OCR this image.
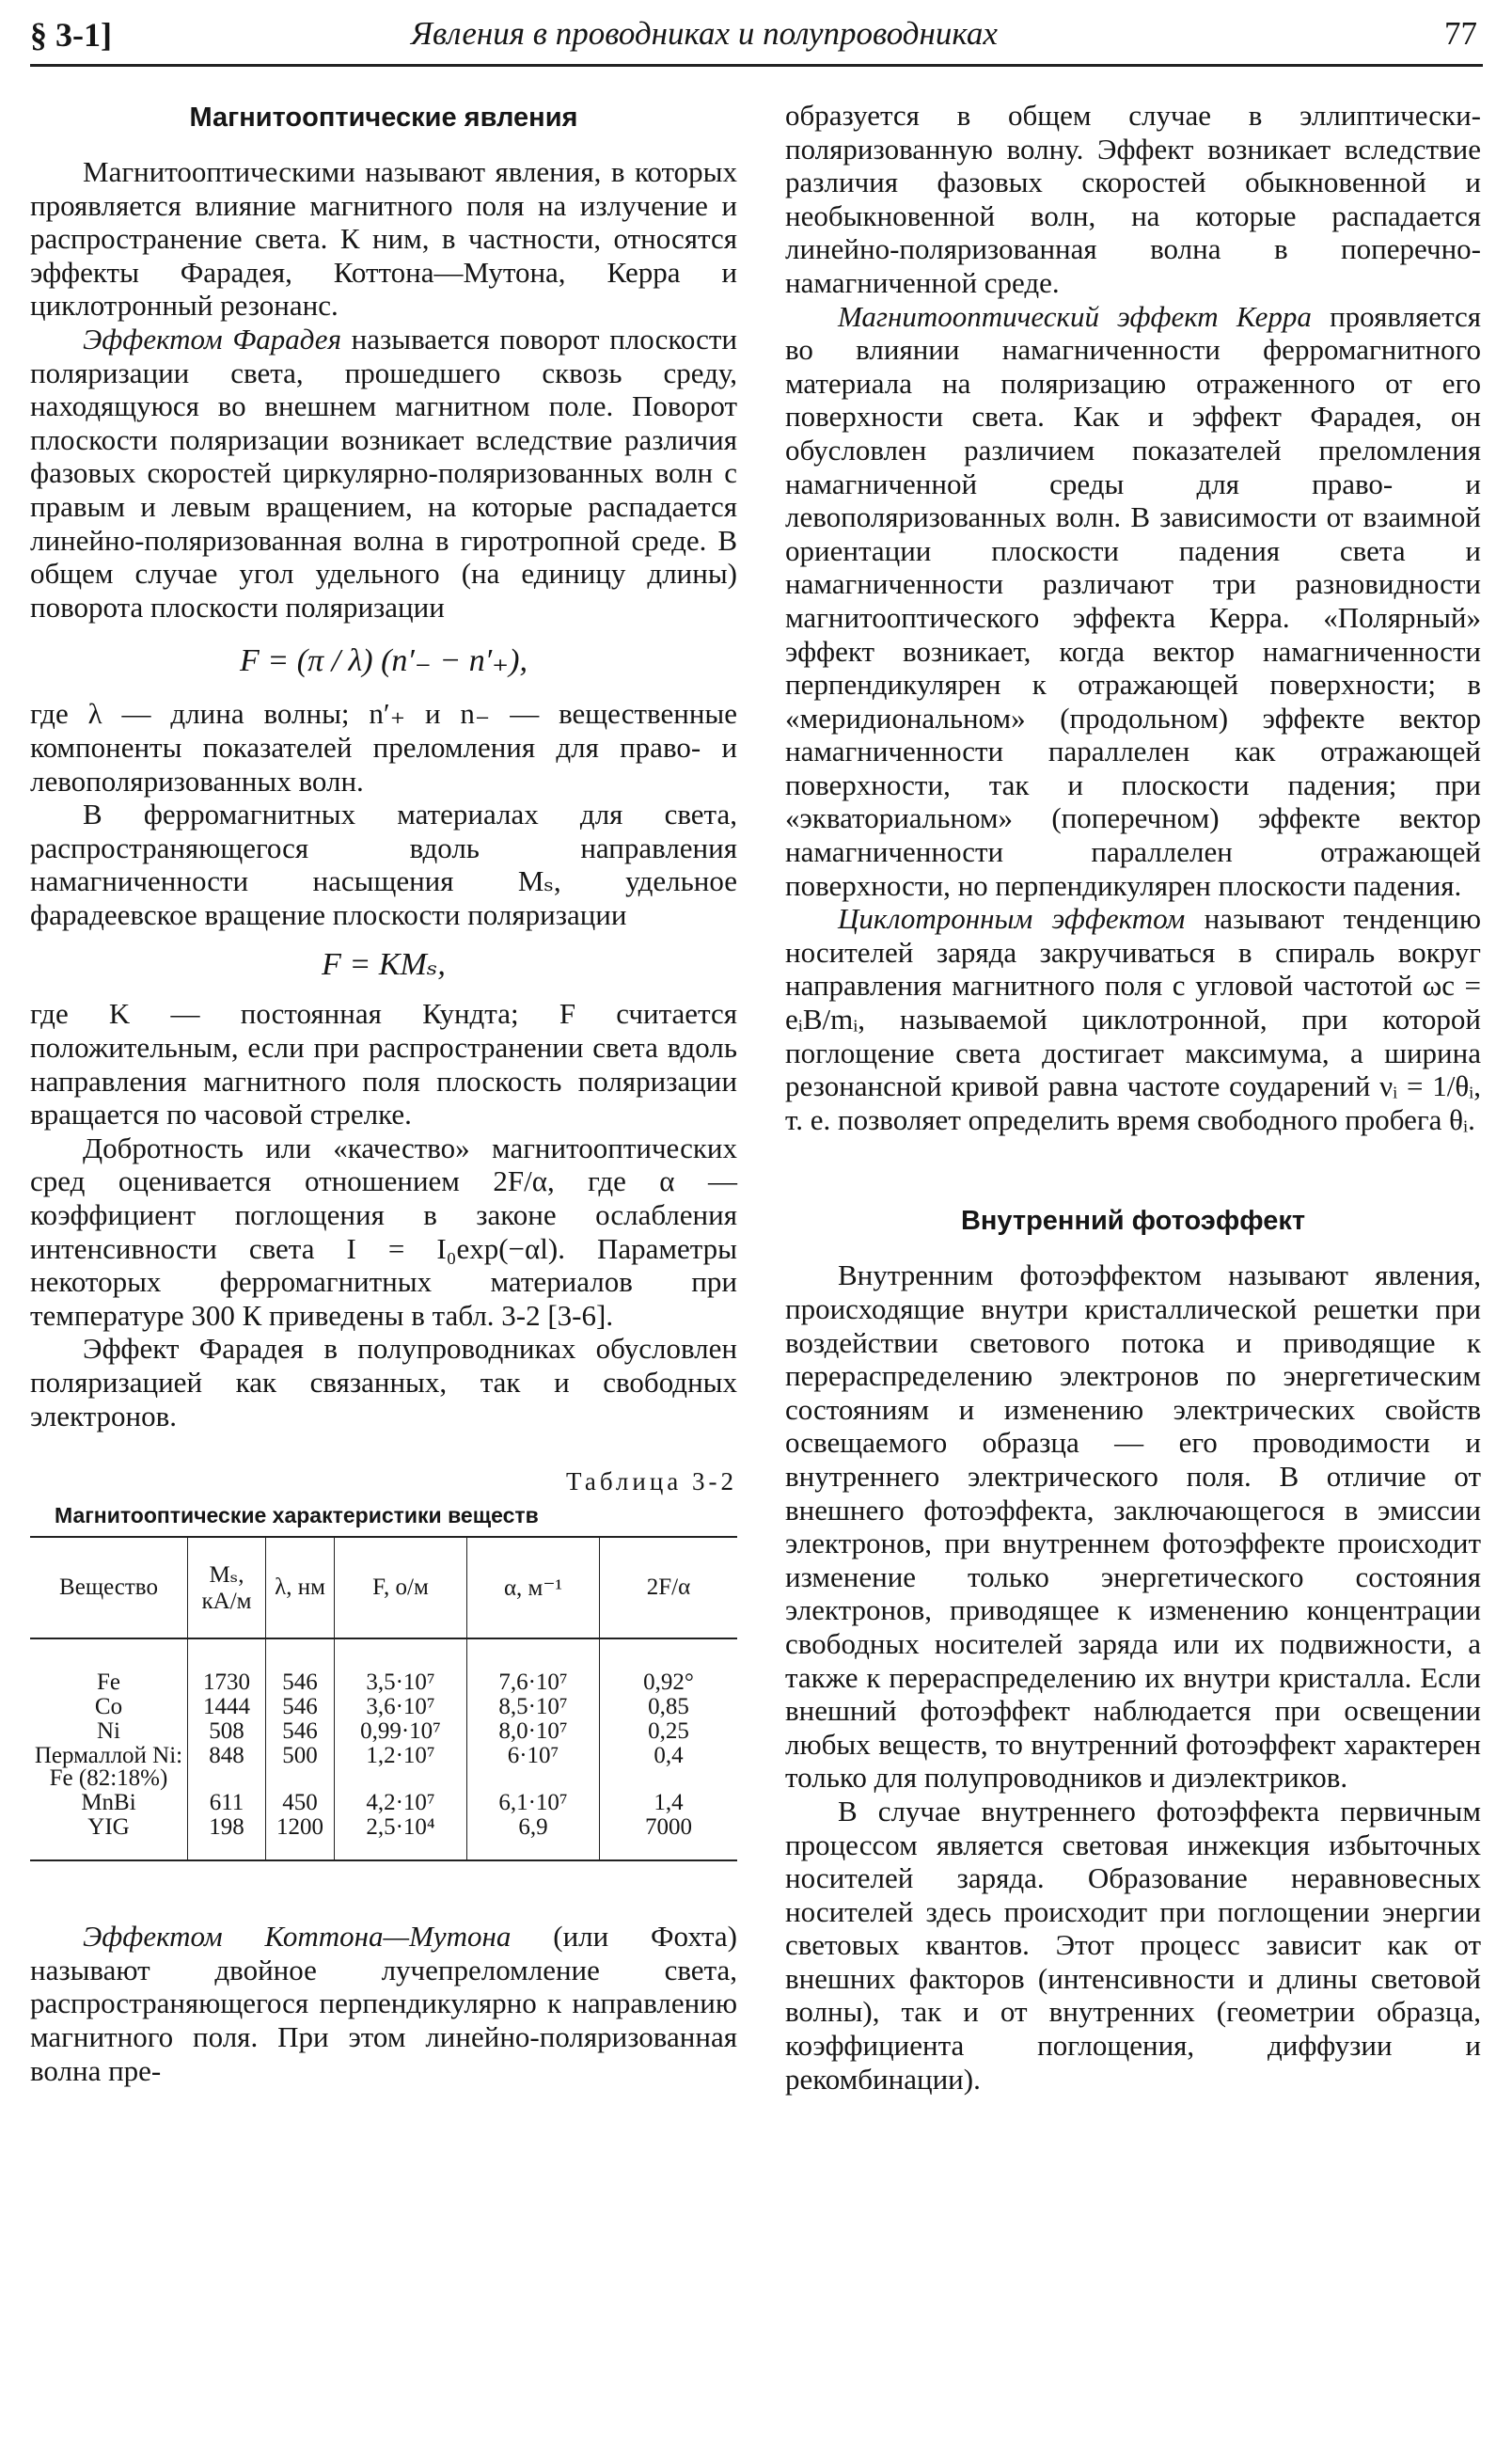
§ 3-1]	Явления в проводниках и полупроводниках	77
Магнитооптические явления

Магнитооптическими называют явления, в которых проявляется влияние магнитного поля на излучение и распространение света. К ним, в частности, относятся эффекты Фарадея, Коттона—Мутона, Керра и циклотронный резонанс.

Эффектом Фарадея называется поворот плоскости поляризации света, прошедшего сквозь среду, находящуюся во внешнем магнитном поле. Поворот плоскости поляризации возникает вследствие различия фазовых скоростей циркулярно-поляризованных волн с правым и левым вращением, на которые распадается линейно-поляризованная волна в гиротропной среде. В общем случае угол удельного (на единицу длины) поворота плоскости поляризации

F = (π / λ) (n′₋ − n′₊),

где λ — длина волны; n′₊ и n₋ — вещественные компоненты показателей преломления для право- и левополяризованных волн.

В ферромагнитных материалах для света, распространяющегося вдоль направления намагниченности насыщения Mₛ, удельное фарадеевское вращение плоскости поляризации

F = KMₛ,

где K — постоянная Кундта; F считается положительным, если при распространении света вдоль направления магнитного поля плоскость поляризации вращается по часовой стрелке.

Добротность или «качество» магнитооптических сред оценивается отношением 2F/α, где α — коэффициент поглощения в законе ослабления интенсивности света I = I₀exp(−αl). Параметры некоторых ферромагнитных материалов при температуре 300 К приведены в табл. 3-2 [3-6].

Эффект Фарадея в полупроводниках обусловлен поляризацией как связанных, так и свободных электронов.

Таблица 3-2
Магнитооптические характеристики веществ
Вещество	Mₛ, кА/м	λ, нм	F, о/м	α, м⁻¹	2F/α
Fe	1730	546	3,5·10⁷	7,6·10⁷	0,92°
Co	1444	546	3,6·10⁷	8,5·10⁷	0,85
Ni	508	546	0,99·10⁷	8,0·10⁷	0,25
Пермаллой Ni: Fe (82:18%)	848	500	1,2·10⁷	6·10⁷	0,4
MnBi	611	450	4,2·10⁷	6,1·10⁷	1,4
YIG	198	1200	2,5·10⁴	6,9	7000

Эффектом Коттона—Мутона (или Фохта) называют двойное лучепреломление света, распространяющегося перпендикулярно к направлению магнитного поля. При этом линейно-поляризованная волна пре-

образуется в общем случае в эллиптически-поляризованную волну. Эффект возникает вследствие различия фазовых скоростей обыкновенной и необыкновенной волн, на которые распадается линейно-поляризованная волна в поперечно-намагниченной среде.

Магнитооптический эффект Керра проявляется во влиянии намагниченности ферромагнитного материала на поляризацию отраженного от его поверхности света. Как и эффект Фарадея, он обусловлен различием показателей преломления намагниченной среды для право- и левополяризованных волн. В зависимости от взаимной ориентации плоскости падения света и намагниченности различают три разновидности магнитооптического эффекта Керра. «Полярный» эффект возникает, когда вектор намагниченности перпендикулярен к отражающей поверхности; в «меридиональном» (продольном) эффекте вектор намагниченности параллелен как отражающей поверхности, так и плоскости падения; при «экваториальном» (поперечном) эффекте вектор намагниченности параллелен отражающей поверхности, но перпендикулярен плоскости падения.

Циклотронным эффектом называют тенденцию носителей заряда закручиваться в спираль вокруг направления магнитного поля с угловой частотой ωc = eᵢB/mᵢ, называемой циклотронной, при которой поглощение света достигает максимума, а ширина резонансной кривой равна частоте соударений νᵢ = 1/θᵢ, т. е. позволяет определить время свободного пробега θᵢ.

Внутренний фотоэффект

Внутренним фотоэффектом называют явления, происходящие внутри кристаллической решетки при воздействии светового потока и приводящие к перераспределению электронов по энергетическим состояниям и изменению электрических свойств освещаемого образца — его проводимости и внутреннего электрического поля. В отличие от внешнего фотоэффекта, заключающегося в эмиссии электронов, при внутреннем фотоэффекте происходит изменение только энергетического состояния электронов, приводящее к изменению концентрации свободных носителей заряда или их подвижности, а также к перераспределению их внутри кристалла. Если внешний фотоэффект наблюдается при освещении любых веществ, то внутренний фотоэффект характерен только для полупроводников и диэлектриков.

В случае внутреннего фотоэффекта первичным процессом является световая инжекция избыточных носителей заряда. Образование неравновесных носителей здесь происходит при поглощении энергии световых квантов. Этот процесс зависит как от внешних факторов (интенсивности и длины световой волны), так и от внутренних (геометрии образца, коэффициента поглощения, диффузии и рекомбинации).
